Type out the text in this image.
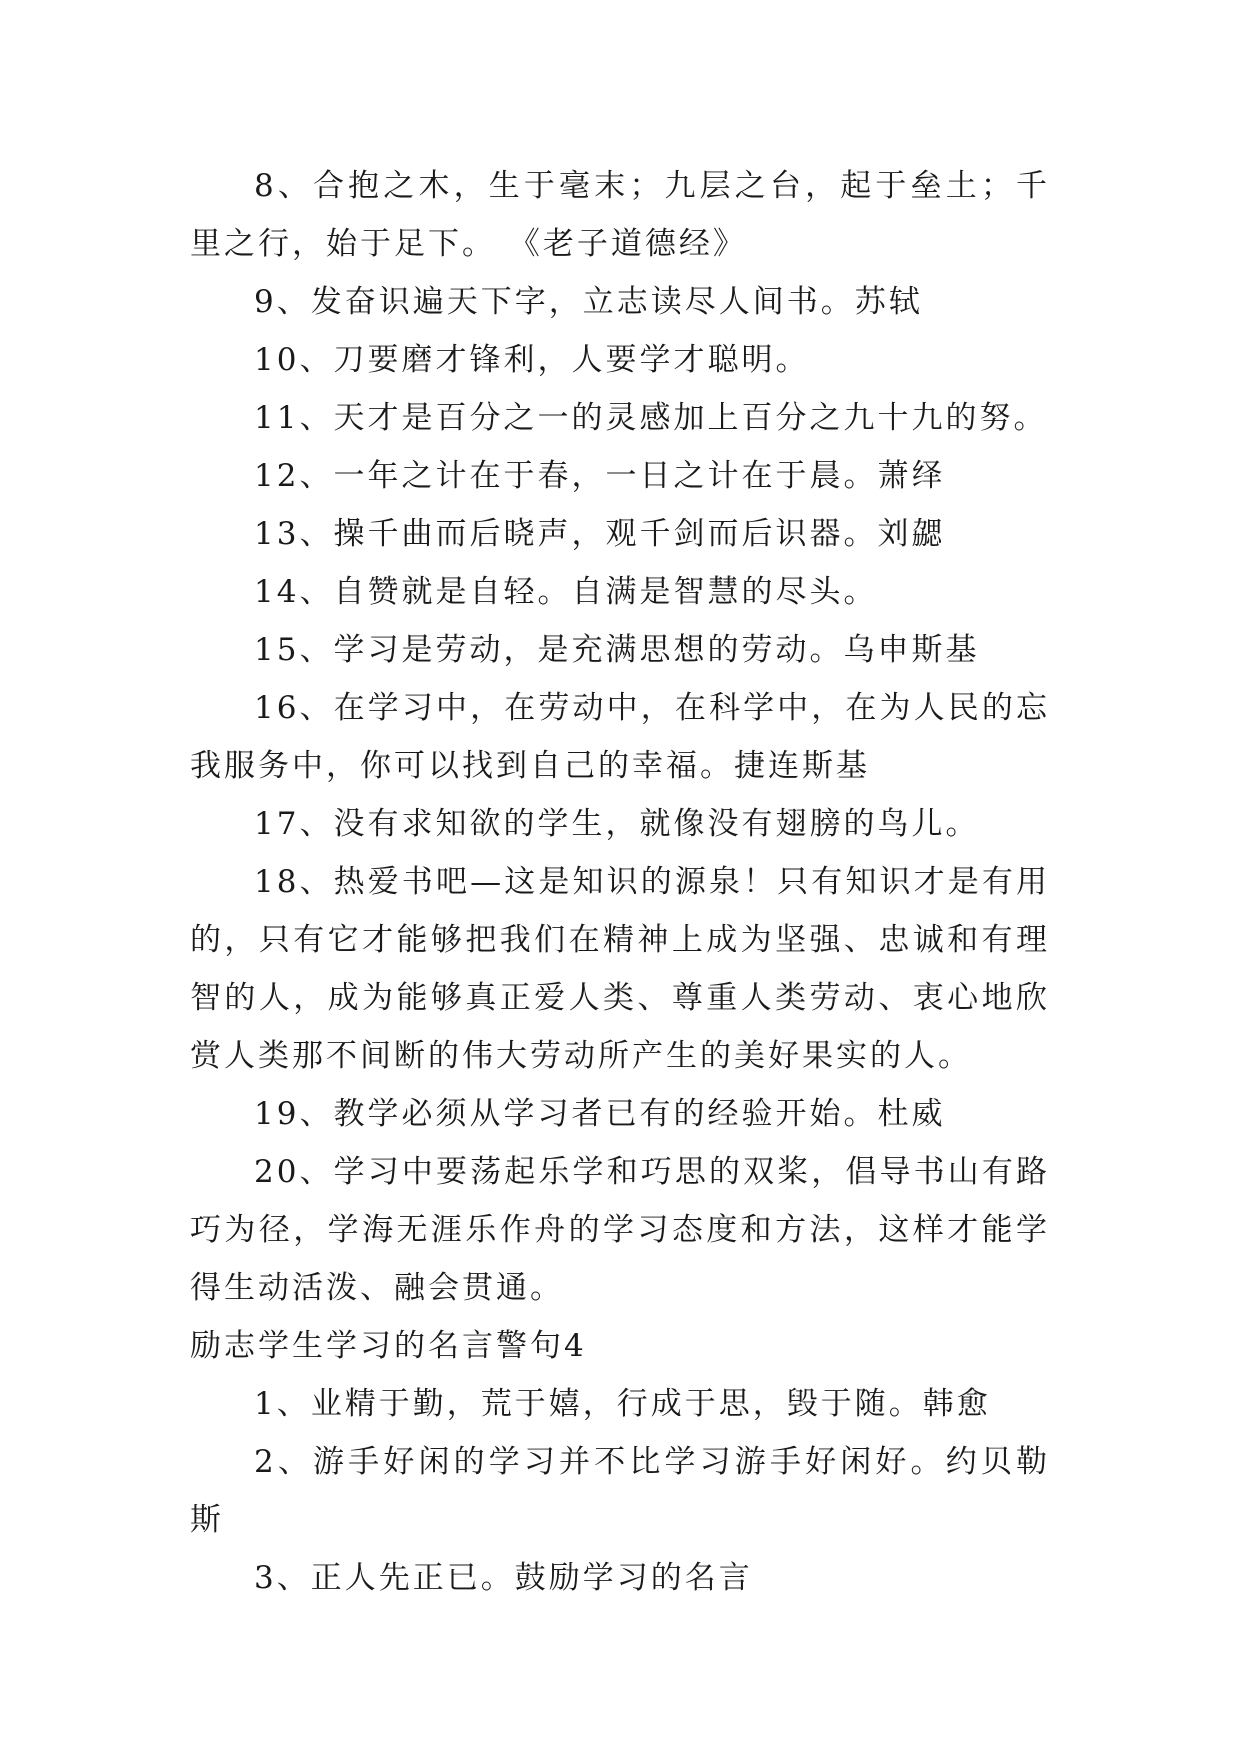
8、合抱之木，生于毫末；九层之台，起于垒土；千里之行，始于足下。 《老子道德经》

9、发奋识遍天下字，立志读尽人间书。苏轼

10、刀要磨才锋利，人要学才聪明。

11、天才是百分之一的灵感加上百分之九十九的努。

12、一年之计在于春，一日之计在于晨。萧绎

13、操千曲而后晓声，观千剑而后识器。刘勰

14、自赞就是自轻。自满是智慧的尽头。

15、学习是劳动，是充满思想的劳动。乌申斯基

16、在学习中，在劳动中，在科学中，在为人民的忘我服务中，你可以找到自己的幸福。捷连斯基

17、没有求知欲的学生，就像没有翅膀的鸟儿。

18、热爱书吧—这是知识的源泉！只有知识才是有用的，只有它才能够把我们在精神上成为坚强、忠诚和有理智的人，成为能够真正爱人类、尊重人类劳动、衷心地欣赏人类那不间断的伟大劳动所产生的美好果实的人。

19、教学必须从学习者已有的经验开始。杜威

20、学习中要荡起乐学和巧思的双桨，倡导书山有路巧为径，学海无涯乐作舟的学习态度和方法，这样才能学得生动活泼、融会贯通。

励志学生学习的名言警句4

1、业精于勤，荒于嬉，行成于思，毁于随。韩愈

2、游手好闲的学习并不比学习游手好闲好。约贝勒斯

3、正人先正已。鼓励学习的名言
